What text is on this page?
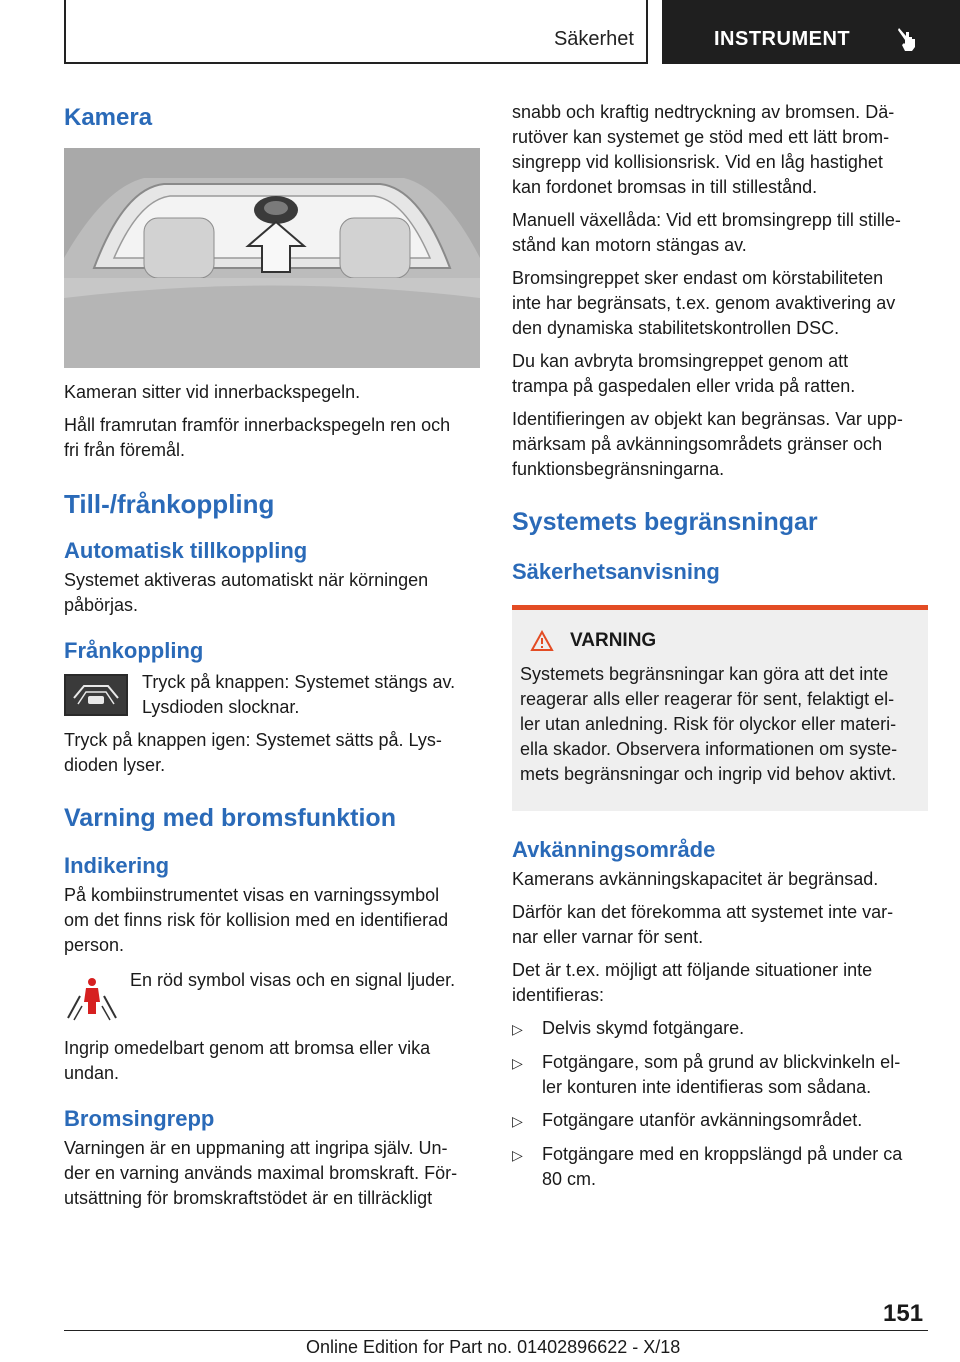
Säkerhet	INSTRUMENT
Kamera

Kameran sitter vid innerbackspegeln.

Håll framrutan framför innerbackspegeln ren och

fri från föremål.

Till-/frånkoppling
Automatisk tillkoppling

Systemet aktiveras automatiskt när körningen

påbörjas.

Frånkoppling

Tryck på knappen: Systemet stängs av.

Lysdioden slocknar.

Tryck på knappen igen: Systemet sätts på. Lys-

dioden lyser.

Varning med bromsfunktion
Indikering

På kombiinstrumentet visas en varningssymbol

om det finns risk för kollision med en identifierad

person.

En röd symbol visas och en signal ljuder.

Ingrip omedelbart genom att bromsa eller vika

undan.

Bromsingrepp

Varningen är en uppmaning att ingripa själv. Un-

der en varning används maximal bromskraft. För-

utsättning för bromskraftstödet är en tillräckligt

snabb och kraftig nedtryckning av bromsen. Dä-

rutöver kan systemet ge stöd med ett lätt brom-

singrepp vid kollisionsrisk. Vid en låg hastighet

kan fordonet bromsas in till stillestånd.

Manuell växellåda: Vid ett bromsingrepp till stille-

stånd kan motorn stängas av.

Bromsingreppet sker endast om körstabiliteten

inte har begränsats, t.ex. genom avaktivering av

den dynamiska stabilitetskontrollen DSC.

Du kan avbryta bromsingreppet genom att

trampa på gaspedalen eller vrida på ratten.

Identifieringen av objekt kan begränsas. Var upp-

märksam på avkänningsområdets gränser och

funktionsbegränsningarna.

Systemets begränsningar
Säkerhetsanvisning
VARNING

Systemets begränsningar kan göra att det inte

reagerar alls eller reagerar för sent, felaktigt el-

ler utan anledning. Risk för olyckor eller materi-

ella skador. Observera informationen om syste-

mets begränsningar och ingrip vid behov aktivt.

Avkänningsområde

Kamerans avkänningskapacitet är begränsad.

Därför kan det förekomma att systemet inte var-

nar eller varnar för sent.

Det är t.ex. möjligt att följande situationer inte

identifieras:

▷	Delvis skymd fotgängare.
▷	Fotgängare, som på grund av blickvinkeln el-
ler konturen inte identifieras som sådana.
▷	Fotgängare utanför avkänningsområdet.
▷	Fotgängare med en kroppslängd på under ca
80 cm.
151
Online Edition for Part no. 01402896622 - X/18
